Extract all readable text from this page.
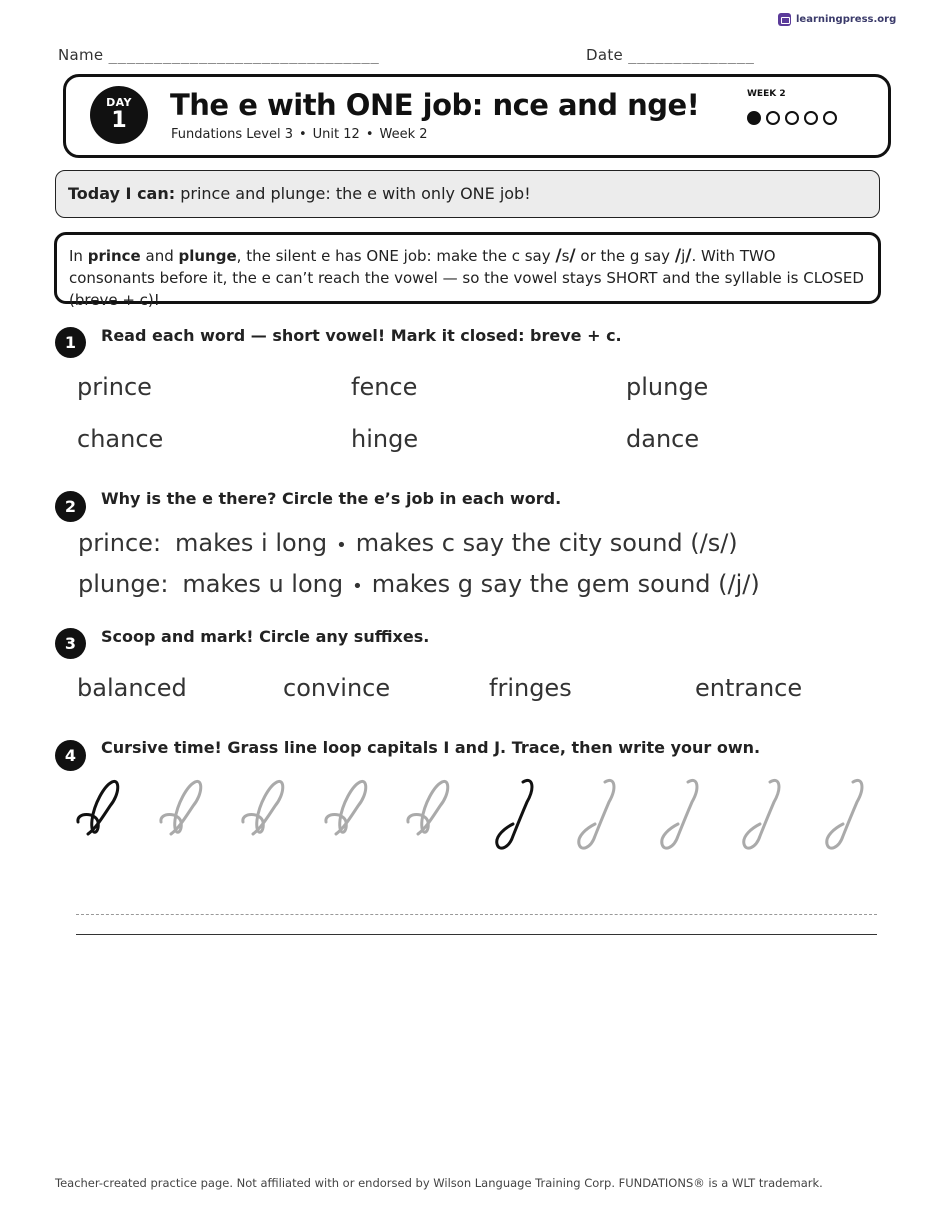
learningpress.org
Name ______________________________	Date ______________
DAY
1	The e with ONE job: nce and nge!
Fundations Level 3 • Unit 12 • Week 2
WEEK 2
Today I can: prince and plunge: the e with only ONE job!
In prince and plunge, the silent e has ONE job: make the c say /s/ or the g say /j/. With TWO consonants before it, the e can’t reach the vowel — so the vowel stays SHORT and the syllable is CLOSED (breve + c)!
1	Read each word — short vowel! Mark it closed: breve + c.
prince	fence	plunge
chance	hinge	dance
2	Why is the e there? Circle the e’s job in each word.
prince: makes i long • makes c say the city sound (/s/)
plunge: makes u long • makes g say the gem sound (/j/)
3	Scoop and mark! Circle any suffixes.
balanced	convince	fringes	entrance
4	Cursive time! Grass line loop capitals I and J. Trace, then write your own.
Teacher-created practice page. Not affiliated with or endorsed by Wilson Language Training Corp. FUNDATIONS® is a WLT trademark.
